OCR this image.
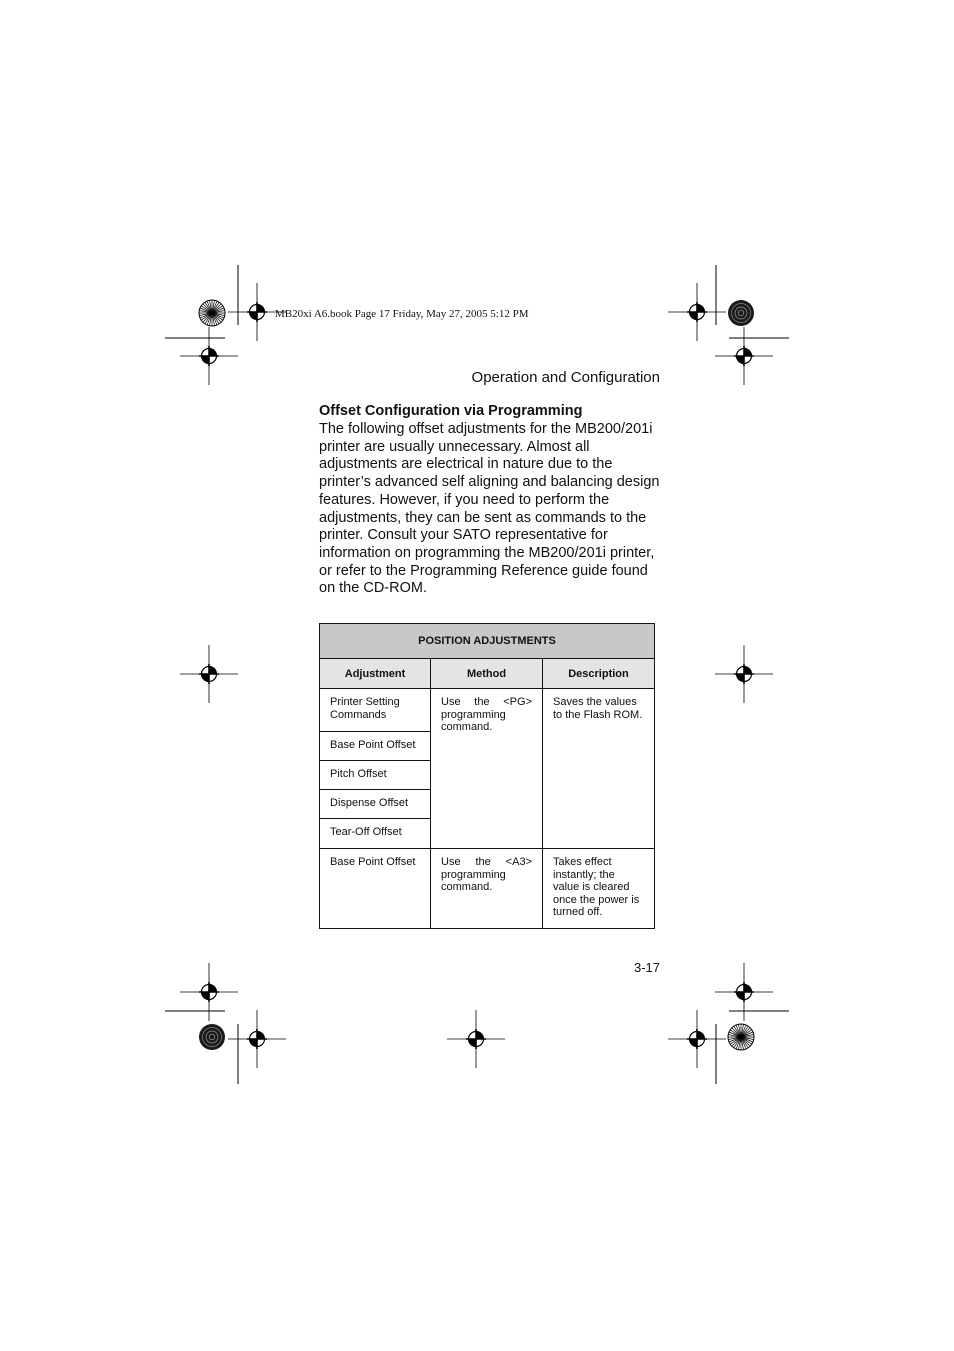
MB20xi A6.book Page 17 Friday, May 27, 2005 5:12 PM
Operation and Configuration
Offset Configuration via Programming
The following offset adjustments for the MB200/201i
printer are usually unnecessary. Almost all
adjustments are electrical in nature due to the
printer’s advanced self aligning and balancing design
features. However, if you need to perform the
adjustments, they can be sent as commands to the
printer. Consult your SATO representative for
information on programming the MB200/201i printer,
or refer to the Programming Reference guide found
on the CD-ROM.
POSITION ADJUSTMENTS		
Adjustment	Method	Description

Printer Setting Commands	Use the <PG> programming command.	Saves the values to the Flash ROM.

Base Point Offset		

Pitch Offset		

Dispense Offset		

Tear-Off Offset		

Base Point Offset	Use the <A3> programming command.	Takes effect instantly; the value is cleared once the power is turned off.
3-17
